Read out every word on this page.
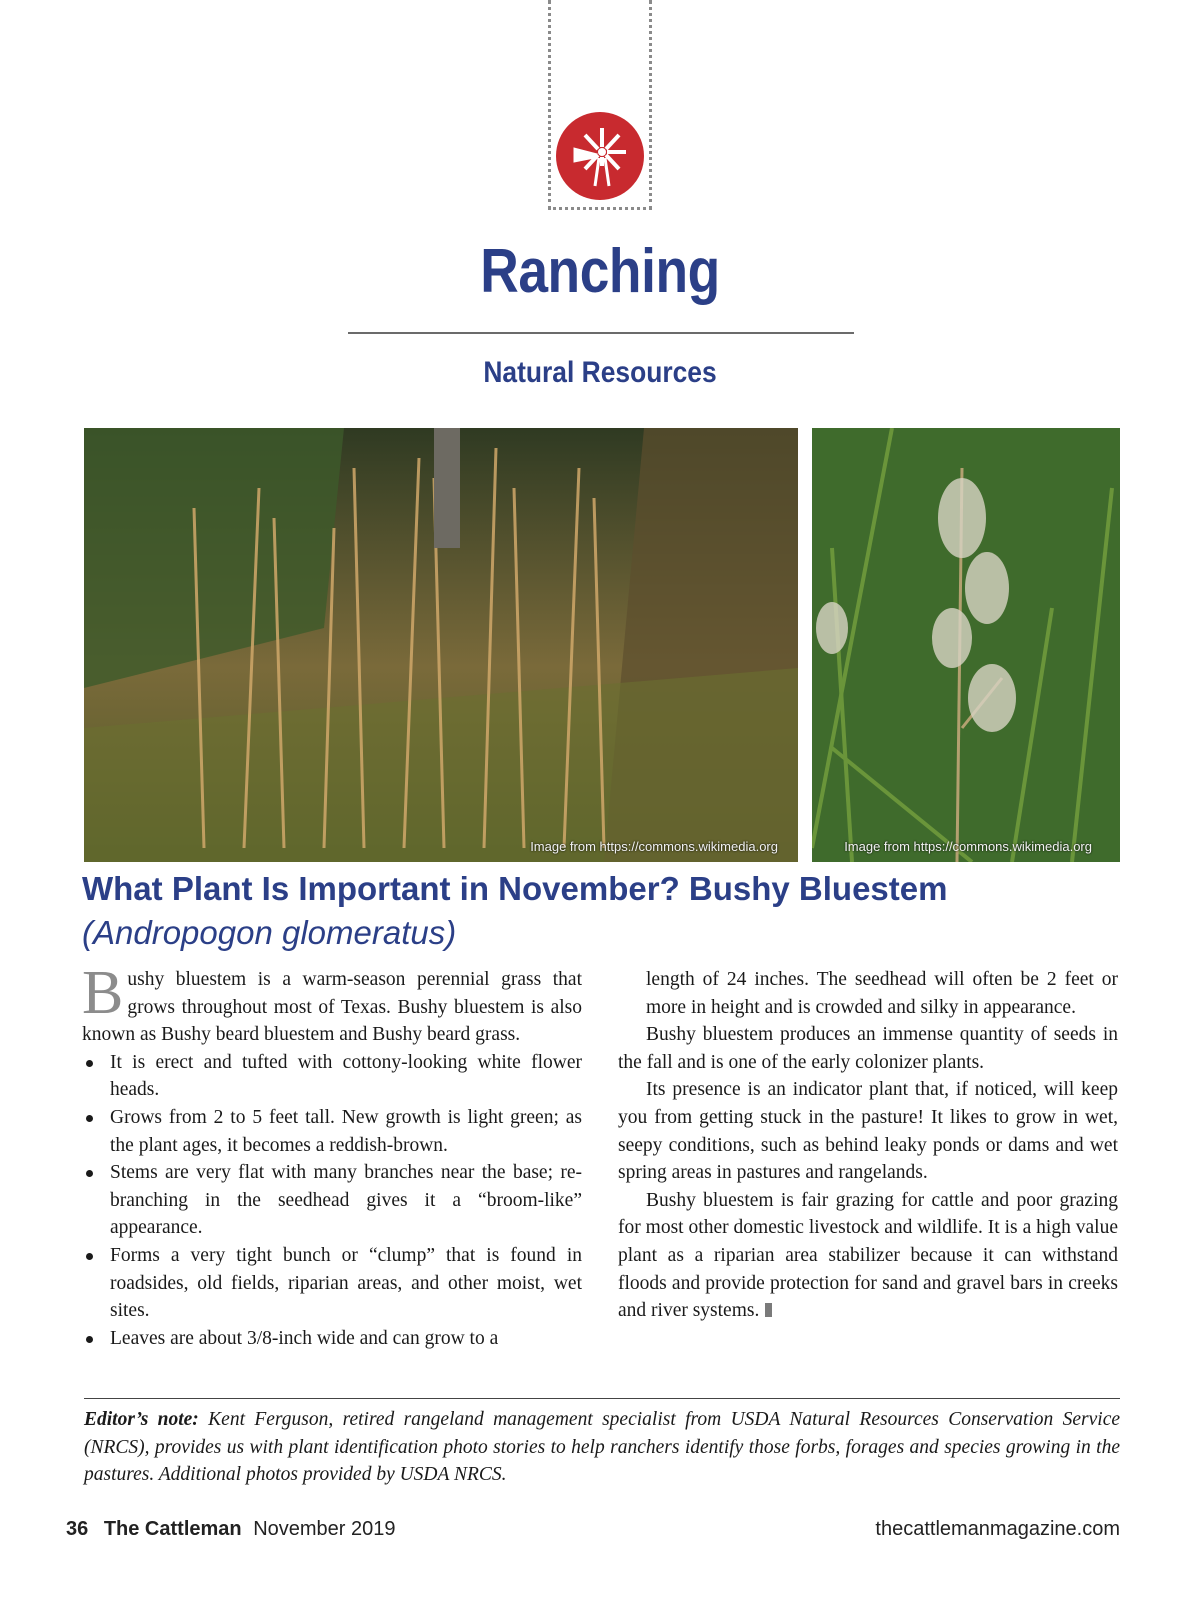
Ranching
Natural Resources
Image from https://commons.wikimedia.org	Image from https://commons.wikimedia.org
What Plant Is Important in November? Bushy Bluestem
(Andropogon glomeratus)

Bushy bluestem is a warm-season perennial grass that grows throughout most of Texas. Bushy bluestem is also known as Bushy beard bluestem and Bushy beard grass.

It is erect and tufted with cottony-looking white flower heads.
Grows from 2 to 5 feet tall. New growth is light green; as the plant ages, it becomes a reddish-brown.
Stems are very flat with many branches near the base; re-branching in the seedhead gives it a “broom-like” appearance.
Forms a very tight bunch or “clump” that is found in roadsides, old fields, riparian areas, and other moist, wet sites.
Leaves are about 3/8-inch wide and can grow to a

length of 24 inches. The seedhead will often be 2 feet or more in height and is crowded and silky in appearance.

Bushy bluestem produces an immense quantity of seeds in the fall and is one of the early colonizer plants.

Its presence is an indicator plant that, if noticed, will keep you from getting stuck in the pasture! It likes to grow in wet, seepy conditions, such as behind leaky ponds or dams and wet spring areas in pastures and rangelands.

Bushy bluestem is fair grazing for cattle and poor grazing for most other domestic livestock and wildlife. It is a high value plant as a riparian area stabilizer because it can withstand floods and provide protection for sand and gravel bars in creeks and river systems.

Editor’s note: Kent Ferguson, retired rangeland management specialist from USDA Natural Resources Conservation Service (NRCS), provides us with plant identification photo stories to help ranchers identify those forbs, forages and species growing in the pastures. Additional photos provided by USDA NRCS.
36 The Cattleman November 2019	thecattlemanmagazine.com
